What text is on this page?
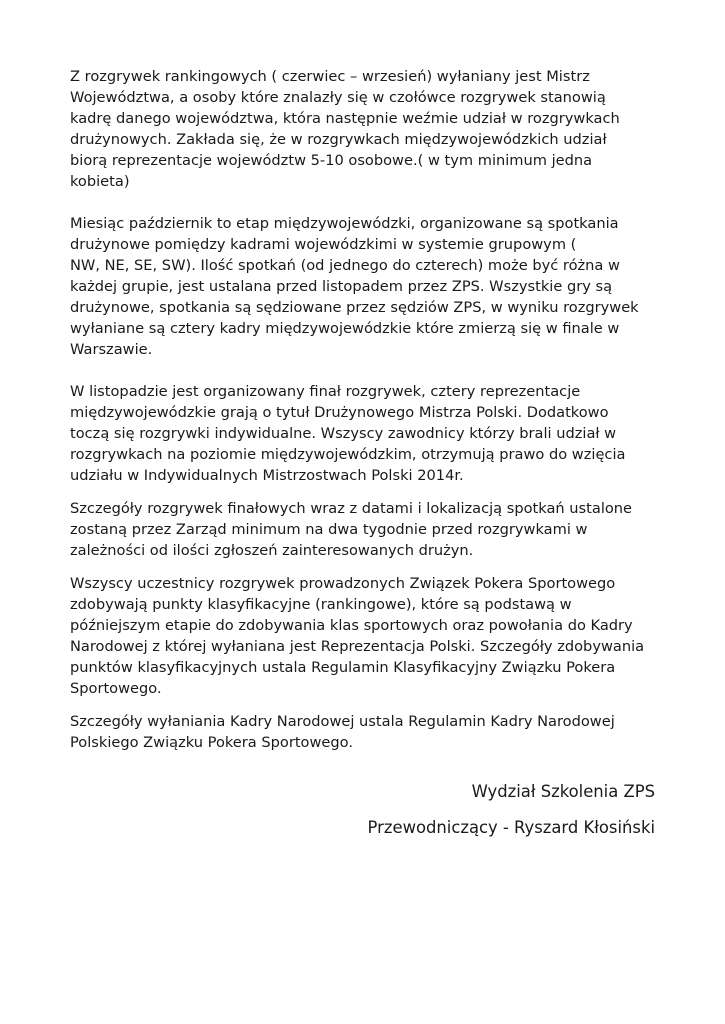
Z rozgrywek rankingowych ( czerwiec – wrzesień) wyłaniany jest Mistrz
Województwa, a osoby które znalazły się w czołówce rozgrywek stanowią
kadrę danego województwa, która następnie weźmie udział w rozgrywkach
drużynowych. Zakłada się, że w rozgrywkach międzywojewódzkich udział
biorą reprezentacje województw 5-10 osobowe.( w tym minimum jedna
kobieta)

Miesiąc październik to etap międzywojewódzki, organizowane są spotkania
drużynowe pomiędzy kadrami wojewódzkimi w systemie grupowym (
NW, NE, SE, SW). Ilość spotkań (od jednego do czterech) może być różna w
każdej grupie, jest ustalana przed listopadem przez ZPS. Wszystkie gry są
drużynowe, spotkania są sędziowane przez sędziów ZPS, w wyniku rozgrywek
wyłaniane są cztery kadry międzywojewódzkie które zmierzą się w finale w
Warszawie.

W listopadzie jest organizowany finał rozgrywek, cztery reprezentacje
międzywojewódzkie grają o tytuł Drużynowego Mistrza Polski. Dodatkowo
toczą się rozgrywki indywidualne. Wszyscy zawodnicy którzy brali udział w
rozgrywkach na poziomie międzywojewódzkim, otrzymują prawo do wzięcia
udziału w Indywidualnych Mistrzostwach Polski 2014r.

Szczegóły rozgrywek finałowych wraz z datami i lokalizacją spotkań ustalone
zostaną przez Zarząd minimum na dwa tygodnie przed rozgrywkami w
zależności od ilości zgłoszeń zainteresowanych drużyn.

Wszyscy uczestnicy rozgrywek prowadzonych Związek Pokera Sportowego
zdobywają punkty klasyfikacyjne (rankingowe), które są podstawą w
późniejszym etapie do zdobywania klas sportowych oraz powołania do Kadry
Narodowej z której wyłaniana jest Reprezentacja Polski. Szczegóły zdobywania
punktów klasyfikacyjnych ustala Regulamin Klasyfikacyjny Związku Pokera
Sportowego.

Szczegóły wyłaniania Kadry Narodowej ustala Regulamin Kadry Narodowej
Polskiego Związku Pokera Sportowego.

Wydział Szkolenia ZPS
Przewodniczący - Ryszard Kłosiński
